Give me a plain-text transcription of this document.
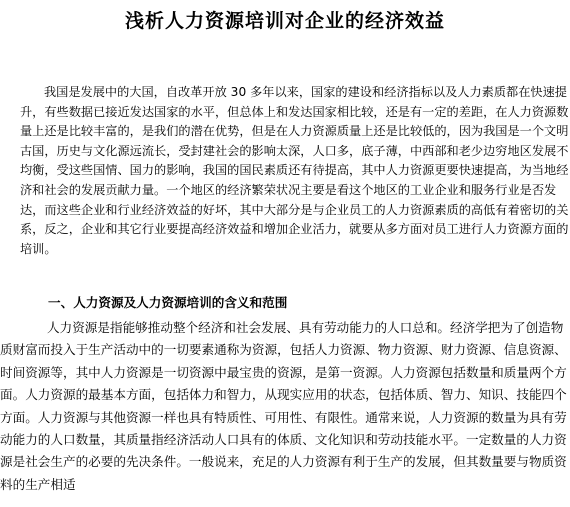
浅析人力资源培训对企业的经济效益
我国是发展中的大国，自改革开放 30 多年以来，国家的建设和经济指标以及人力素质都在快速提升，有些数据已接近发达国家的水平，但总体上和发达国家相比较，还是有一定的差距，在人力资源数量上还是比较丰富的，是我们的潜在优势，但是在人力资源质量上还是比较低的，因为我国是一个文明古国，历史与文化源远流长，受封建社会的影响太深，人口多，底子薄，中西部和老少边穷地区发展不均衡，受这些国情、国力的影响，我国的国民素质还有待提高，其中人力资源更要快速提高，为当地经济和社会的发展贡献力量。一个地区的经济繁荣状况主要是看这个地区的工业企业和服务行业是否发达，而这些企业和行业经济效益的好坏，其中大部分是与企业员工的人力资源素质的高低有着密切的关系，反之，企业和其它行业要提高经济效益和增加企业活力，就要从多方面对员工进行人力资源方面的培训。
一、人力资源及人力资源培训的含义和范围
人力资源是指能够推动整个经济和社会发展、具有劳动能力的人口总和。经济学把为了创造物质财富而投入于生产活动中的一切要素通称为资源，包括人力资源、物力资源、财力资源、信息资源、时间资源等，其中人力资源是一切资源中最宝贵的资源，是第一资源。人力资源包括数量和质量两个方面。人力资源的最基本方面，包括体力和智力，从现实应用的状态，包括体质、智力、知识、技能四个方面。人力资源与其他资源一样也具有特质性、可用性、有限性。通常来说，人力资源的数量为具有劳动能力的人口数量，其质量指经济活动人口具有的体质、文化知识和劳动技能水平。一定数量的人力资源是社会生产的必要的先决条件。一般说来，充足的人力资源有利于生产的发展，但其数量要与物质资料的生产相适
